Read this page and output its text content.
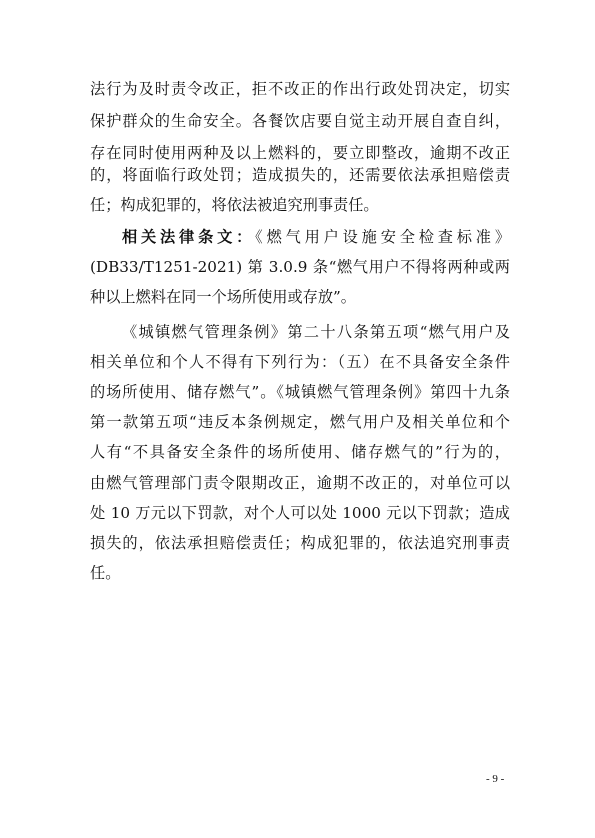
法行为及时责令改正，拒不改正的作出行政处罚决定，切实
保护群众的生命安全。各餐饮店要自觉主动开展自查自纠，
存在同时使用两种及以上燃料的，要立即整改，逾期不改正
的，将面临行政处罚；造成损失的，还需要依法承担赔偿责
任；构成犯罪的，将依法被追究刑事责任。
相关法律条文：《燃气用户设施安全检查标准》
(DB33/T1251-2021) 第 3.0.9 条“燃气用户不得将两种或两
种以上燃料在同一个场所使用或存放”。
《城镇燃气管理条例》第二十八条第五项“燃气用户及
相关单位和个人不得有下列行为：（五）在不具备安全条件
的场所使用、储存燃气”。《城镇燃气管理条例》第四十九条
第一款第五项“违反本条例规定，燃气用户及相关单位和个
人有“不具备安全条件的场所使用、储存燃气的”行为的，
由燃气管理部门责令限期改正，逾期不改正的，对单位可以
处 10 万元以下罚款，对个人可以处 1000 元以下罚款；造成
损失的，依法承担赔偿责任；构成犯罪的，依法追究刑事责
任。
- 9 -
